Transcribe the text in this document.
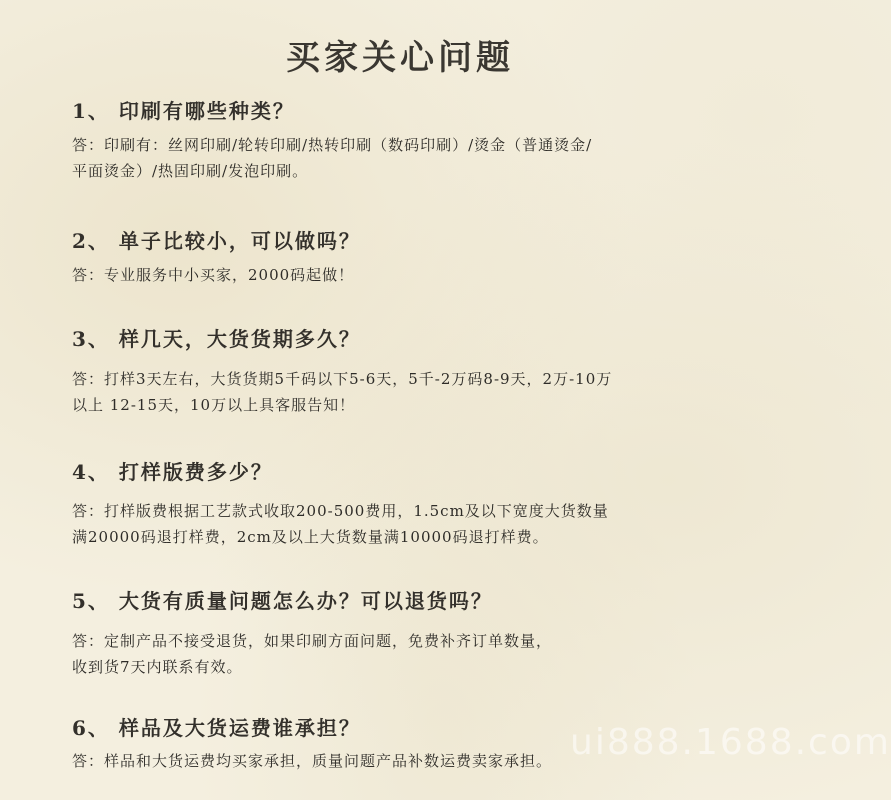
买家关心问题
1、 印刷有哪些种类？
答：印刷有：丝网印刷/轮转印刷/热转印刷（数码印刷）/烫金（普通烫金/
平面烫金）/热固印刷/发泡印刷。
2、 单子比较小，可以做吗？
答：专业服务中小买家，2000码起做！
3、 样几天，大货货期多久？
答：打样3天左右，大货货期5千码以下5-6天，5千-2万码8-9天，2万-10万
以上 12-15天，10万以上具客服告知！
4、 打样版费多少？
答：打样版费根据工艺款式收取200-500费用，1.5cm及以下宽度大货数量
满20000码退打样费，2cm及以上大货数量满10000码退打样费。
5、 大货有质量问题怎么办？可以退货吗？
答：定制产品不接受退货，如果印刷方面问题，免费补齐订单数量，
收到货7天内联系有效。
6、 样品及大货运费谁承担？
答：样品和大货运费均买家承担，质量问题产品补数运费卖家承担。 ui888.1688.com
